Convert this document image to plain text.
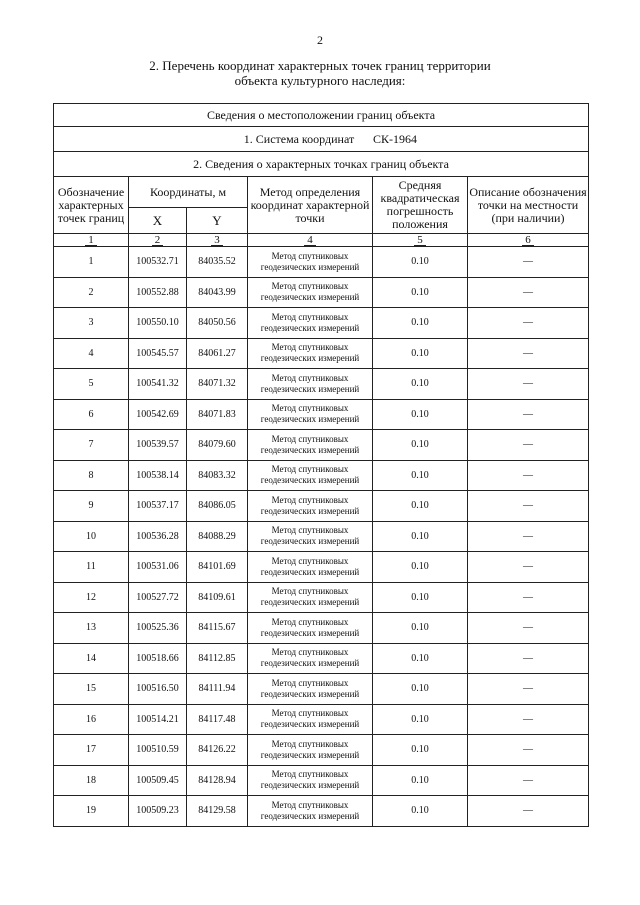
2
2. Перечень координат характерных точек границ территории
объекта культурного наследия:
Сведения о местоположении границ объекта					
1. Система координат СК-1964					
2. Сведения о характерных точках границ объекта					
Обозначение характерных точек границ	Координаты, м		Метод определения координат характерной точки	Средняя квадратическая погрешность положения	Описание обозначения точки на местности (при наличии)
	X	Y			
1	2	3	4	5	6
1	100532.71	84035.52	Метод спутниковых геодезических измерений	0.10	—
2	100552.88	84043.99	Метод спутниковых геодезических измерений	0.10	—
3	100550.10	84050.56	Метод спутниковых геодезических измерений	0.10	—
4	100545.57	84061.27	Метод спутниковых геодезических измерений	0.10	—
5	100541.32	84071.32	Метод спутниковых геодезических измерений	0.10	—
6	100542.69	84071.83	Метод спутниковых геодезических измерений	0.10	—
7	100539.57	84079.60	Метод спутниковых геодезических измерений	0.10	—
8	100538.14	84083.32	Метод спутниковых геодезических измерений	0.10	—
9	100537.17	84086.05	Метод спутниковых геодезических измерений	0.10	—
10	100536.28	84088.29	Метод спутниковых геодезических измерений	0.10	—
11	100531.06	84101.69	Метод спутниковых геодезических измерений	0.10	—
12	100527.72	84109.61	Метод спутниковых геодезических измерений	0.10	—
13	100525.36	84115.67	Метод спутниковых геодезических измерений	0.10	—
14	100518.66	84112.85	Метод спутниковых геодезических измерений	0.10	—
15	100516.50	84111.94	Метод спутниковых геодезических измерений	0.10	—
16	100514.21	84117.48	Метод спутниковых геодезических измерений	0.10	—
17	100510.59	84126.22	Метод спутниковых геодезических измерений	0.10	—
18	100509.45	84128.94	Метод спутниковых геодезических измерений	0.10	—
19	100509.23	84129.58	Метод спутниковых геодезических измерений	0.10	—
